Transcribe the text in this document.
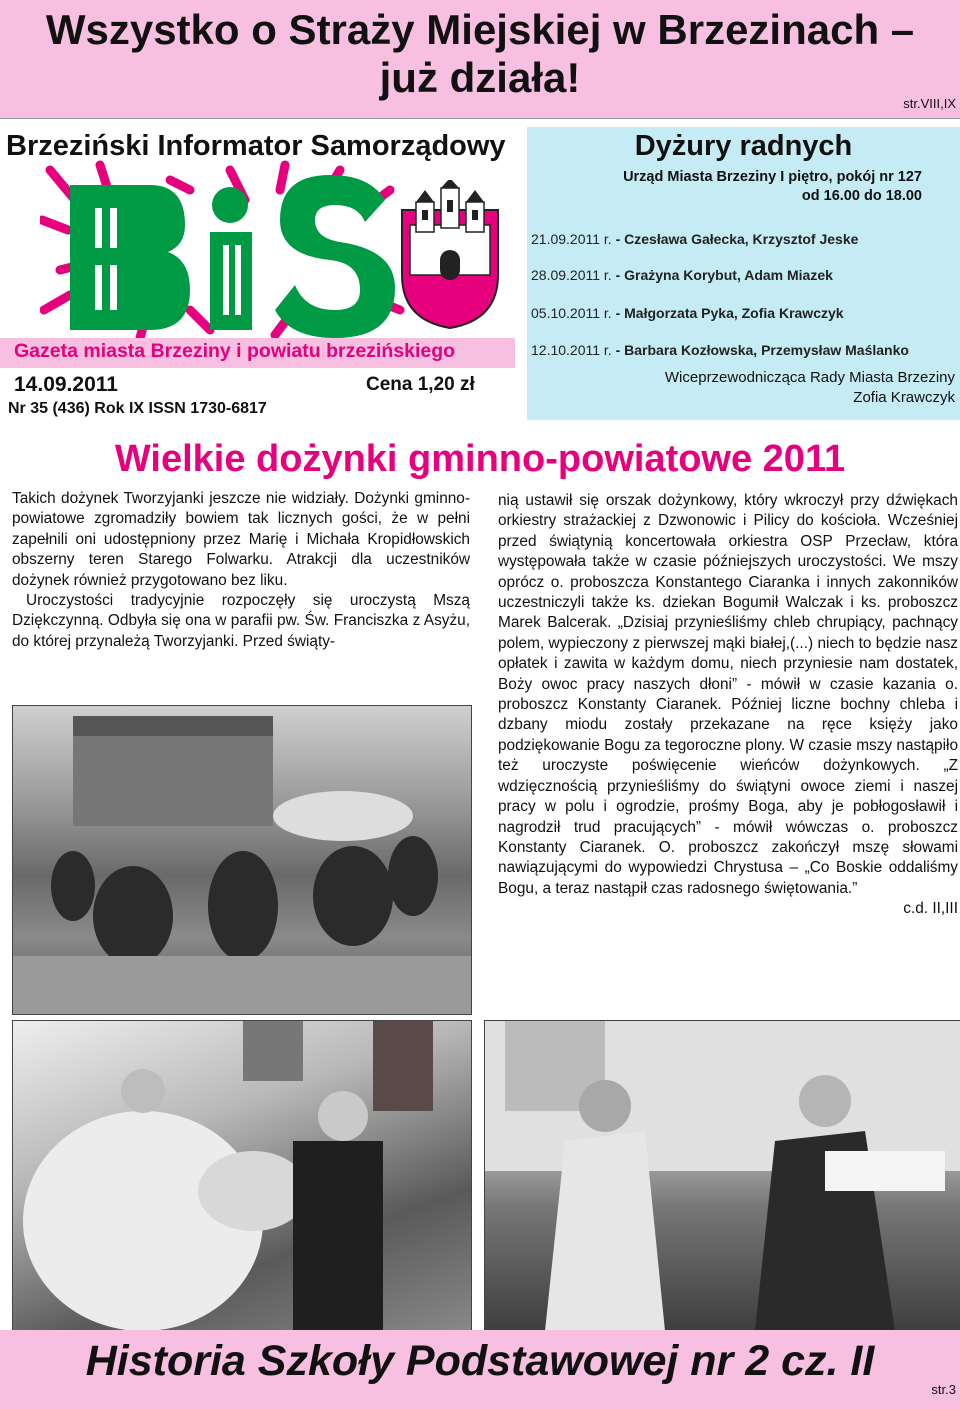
Wszystko o Straży Miejskiej w Brzezinach –
już działa!
str.VIII,IX
Brzeziński Informator Samorządowy
Gazeta miasta Brzeziny i powiatu brzezińskiego
14.09.2011	Cena 1,20 zł
Nr 35 (436) Rok IX ISSN 1730-6817
Dyżury radnych
Urząd Miasta Brzeziny I piętro, pokój nr 127
od 16.00 do 18.00
21.09.2011 r. - Czesława Gałecka, Krzysztof Jeske
28.09.2011 r. - Grażyna Korybut, Adam Miazek
05.10.2011 r. - Małgorzata Pyka, Zofia Krawczyk
12.10.2011 r. - Barbara Kozłowska, Przemysław Maślanko
Wiceprzewodnicząca Rady Miasta Brzeziny
Zofia Krawczyk
Wielkie dożynki gminno-powiatowe 2011

Takich dożynek Tworzyjanki jeszcze nie widziały. Dożynki gminno-powiatowe zgromadziły bowiem tak licznych gości, że w pełni zapełnili oni udostępniony przez Marię i Michała Kropidłowskich obszerny teren Starego Folwarku. Atrakcji dla uczestników dożynek również przygotowano bez liku.

Uroczystości tradycyjnie rozpoczęły się uroczystą Mszą Dziękczynną. Odbyła się ona w parafii pw. Św. Franciszka z Asyżu, do której przynależą Tworzyjanki. Przed świąty-

nią ustawił się orszak dożynkowy, który wkroczył przy dźwiękach orkiestry strażackiej z Dzwonowic i Pilicy do kościoła. Wcześniej przed świątynią koncertowała orkiestra OSP Przecław, która występowała także w czasie późniejszych uroczystości. We mszy oprócz o. proboszcza Konstantego Ciaranka i innych zakonników uczestniczyli także ks. dziekan Bogumił Walczak i ks. proboszcz Marek Balcerak. „Dzisiaj przynieśliśmy chleb chrupiący, pachnący polem, wypieczony z pierwszej mąki białej,(...) niech to będzie nasz opłatek i zawita w każdym domu, niech przyniesie nam dostatek, Boży owoc pracy naszych dłoni” - mówił w czasie kazania o. proboszcz Konstanty Ciaranek. Później liczne bochny chleba i dzbany miodu zostały przekazane na ręce księży jako podziękowanie Bogu za tegoroczne plony. W czasie mszy nastąpiło też uroczyste poświęcenie wieńców dożynkowych. „Z wdzięcznością przynieśliśmy do świątyni owoce ziemi i naszej pracy w polu i ogrodzie, prośmy Boga, aby je pobłogosławił i nagrodził trud pracujących” - mówił wówczas o. proboszcz Konstanty Ciaranek. O. proboszcz zakończył mszę słowami nawiązującymi do wypowiedzi Chrystusa – „Co Boskie oddaliśmy Bogu, a teraz nastąpił czas radosnego świętowania.”

c.d. II,III
Historia Szkoły Podstawowej nr 2 cz. II
str.3
